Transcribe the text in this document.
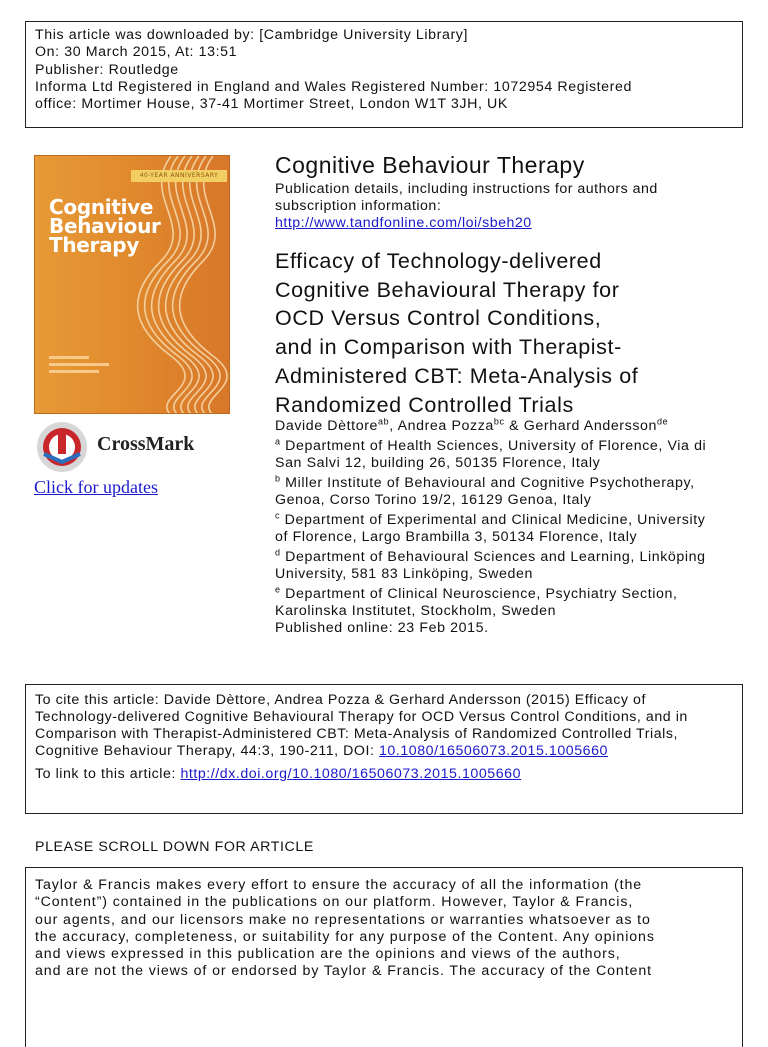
This article was downloaded by: [Cambridge University Library]
On: 30 March 2015, At: 13:51
Publisher: Routledge
Informa Ltd Registered in England and Wales Registered Number: 1072954 Registered
office: Mortimer House, 37-41 Mortimer Street, London W1T 3JH, UK
40-YEAR ANNIVERSARY
Cognitive
Behaviour
Therapy
CrossMark
Click for updates
Cognitive Behaviour Therapy
Publication details, including instructions for authors and
subscription information:
http://www.tandfonline.com/loi/sbeh20
Efficacy of Technology-delivered
Cognitive Behavioural Therapy for
OCD Versus Control Conditions,
and in Comparison with Therapist-
Administered CBT: Meta-Analysis of
Randomized Controlled Trials
Davide Dèttore$^{ab}$, Andrea Pozza$^{bc}$ & Gerhard Andersson$^{de}$
$^a$ Department of Health Sciences, University of Florence, Via di
San Salvi 12, building 26, 50135 Florence, Italy
$^b$ Miller Institute of Behavioural and Cognitive Psychotherapy,
Genoa, Corso Torino 19/2, 16129 Genoa, Italy
$^c$ Department of Experimental and Clinical Medicine, University
of Florence, Largo Brambilla 3, 50134 Florence, Italy
$^d$ Department of Behavioural Sciences and Learning, Linköping
University, 581 83 Linköping, Sweden
$^e$ Department of Clinical Neuroscience, Psychiatry Section,
Karolinska Institutet, Stockholm, Sweden
Published online: 23 Feb 2015.
To cite this article: Davide Dèttore, Andrea Pozza & Gerhard Andersson (2015) Efficacy of
Technology-delivered Cognitive Behavioural Therapy for OCD Versus Control Conditions, and in
Comparison with Therapist-Administered CBT: Meta-Analysis of Randomized Controlled Trials,
Cognitive Behaviour Therapy, 44:3, 190-211, DOI: 10.1080/16506073.2015.1005660
To link to this article: http://dx.doi.org/10.1080/16506073.2015.1005660
PLEASE SCROLL DOWN FOR ARTICLE
Taylor & Francis makes every effort to ensure the accuracy of all the information (the
“Content”) contained in the publications on our platform. However, Taylor & Francis,
our agents, and our licensors make no representations or warranties whatsoever as to
the accuracy, completeness, or suitability for any purpose of the Content. Any opinions
and views expressed in this publication are the opinions and views of the authors,
and are not the views of or endorsed by Taylor & Francis. The accuracy of the Content
